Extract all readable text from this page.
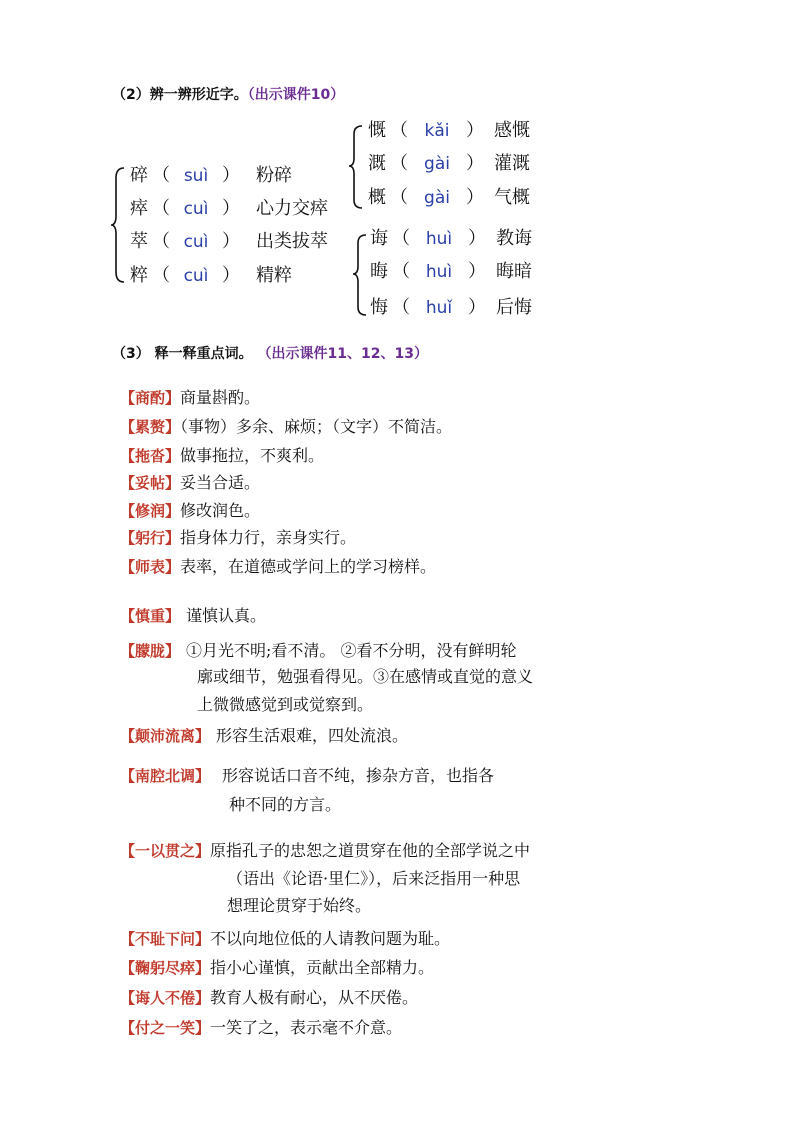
（2）辨一辨形近字。（出示课件10）
碎 （ suì ） 粉碎
瘁 （ cuì ） 心力交瘁
萃 （ cuì ） 出类拔萃
粹 （ cuì ） 精粹
慨 （ kǎi ） 感慨
溉 （ gài ） 灌溉
概 （ gài ） 气概
诲 （ huì ） 教诲
晦 （ huì ） 晦暗
悔 （ huǐ ） 后悔
（3） 释一释重点词。 （出示课件11、12、13）
【商酌】商量斟酌。
【累赘】（事物）多余、麻烦；（文字）不简洁。
【拖沓】做事拖拉，不爽利。
【妥帖】妥当合适。
【修润】修改润色。
【躬行】指身体力行，亲身实行。
【师表】表率，在道德或学问上的学习榜样。
【慎重】 谨慎认真。
【朦胧】 ①月光不明;看不清。 ②看不分明，没有鲜明轮
廓或细节，勉强看得见。③在感情或直觉的意义
上微微感觉到或觉察到。
【颠沛流离】 形容生活艰难，四处流浪。
【南腔北调】 形容说话口音不纯，掺杂方音，也指各
种不同的方言。
【一以贯之】原指孔子的忠恕之道贯穿在他的全部学说之中
（语出《论语·里仁》），后来泛指用一种思
想理论贯穿于始终。
【不耻下问】不以向地位低的人请教问题为耻。
【鞠躬尽瘁】指小心谨慎，贡献出全部精力。
【诲人不倦】教育人极有耐心，从不厌倦。
【付之一笑】一笑了之，表示毫不介意。
